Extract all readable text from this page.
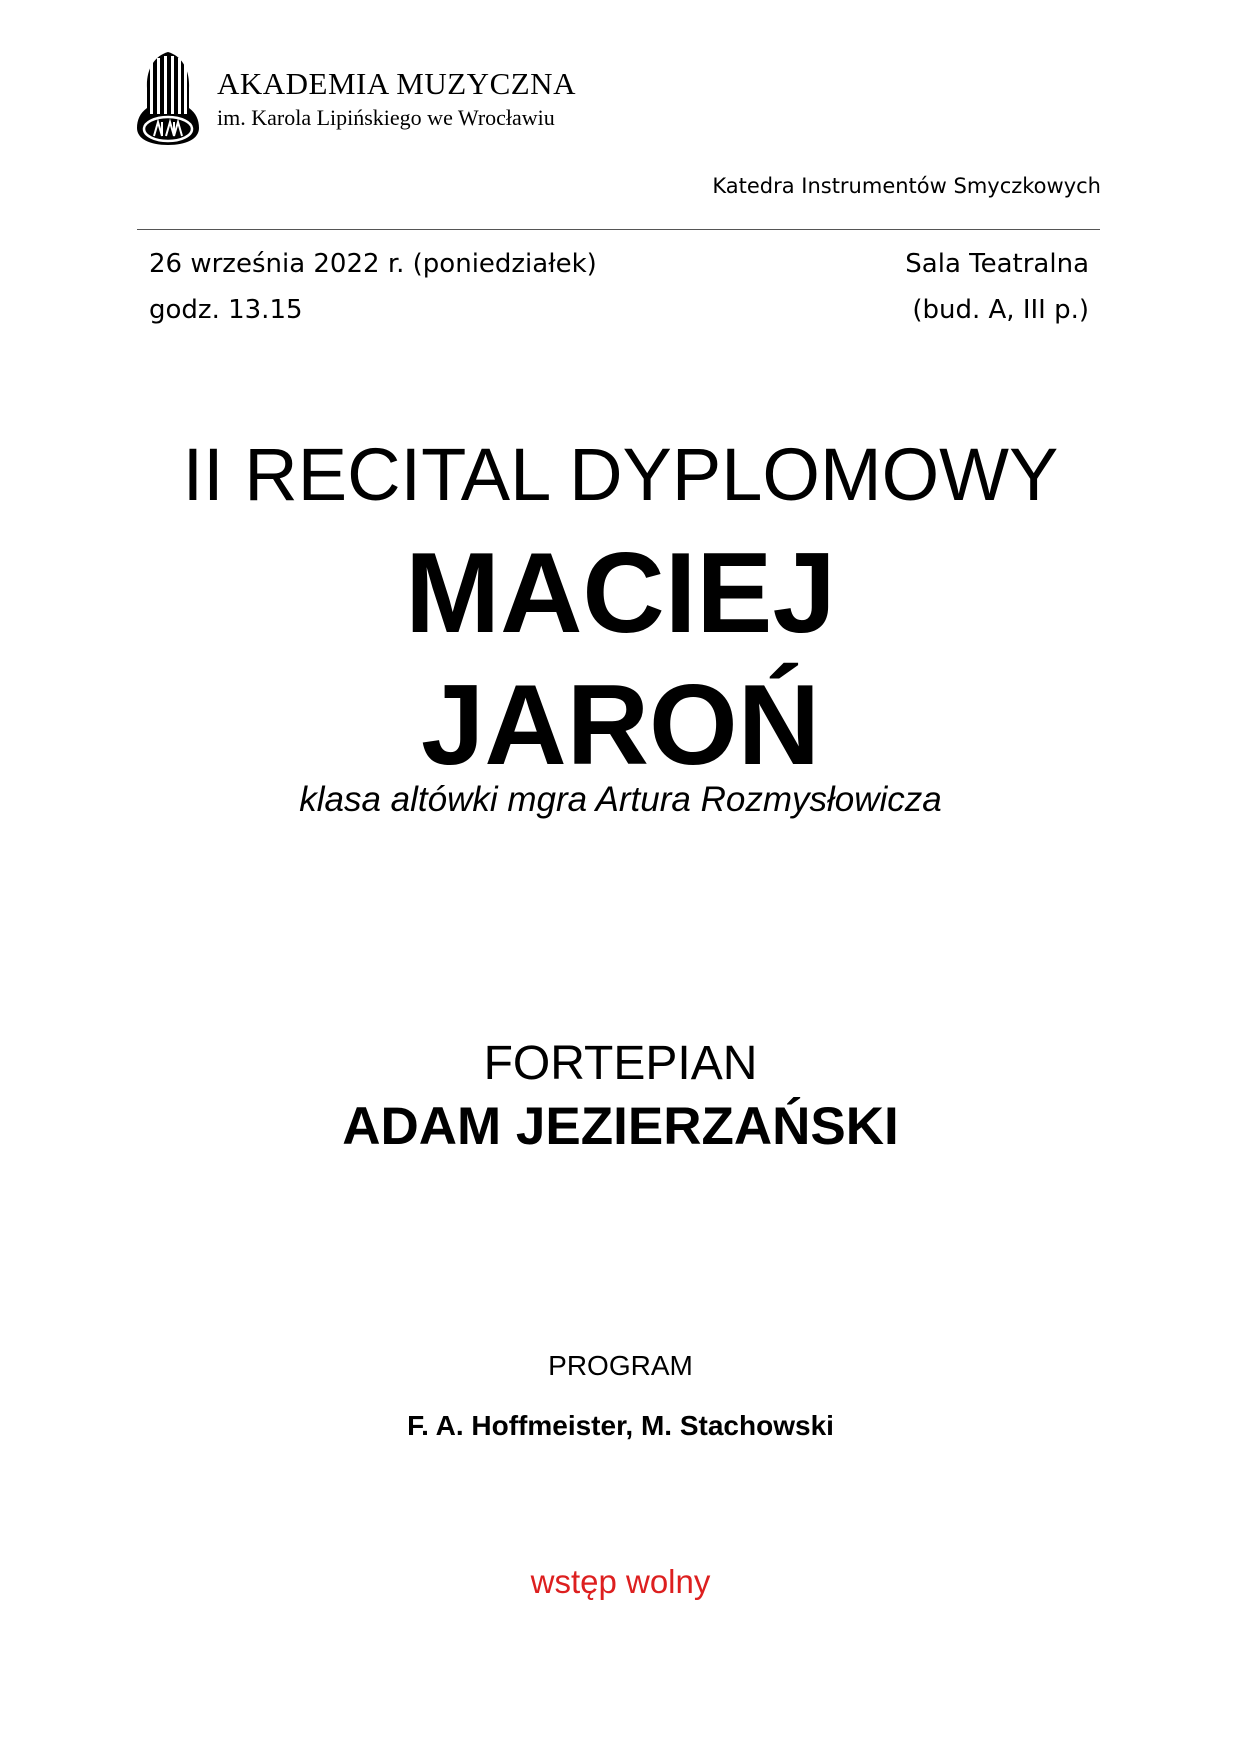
AKADEMIA MUZYCZNA
im. Karola Lipińskiego we Wrocławiu
Katedra Instrumentów Smyczkowych
26 września 2022 r. (poniedziałek)
godz. 13.15
Sala Teatralna
(bud. A, III p.)
II RECITAL DYPLOMOWY
MACIEJ
JAROŃ
klasa altówki mgra Artura Rozmysłowicza
FORTEPIAN
ADAM JEZIERZAŃSKI
PROGRAM
F. A. Hoffmeister, M. Stachowski
wstęp wolny
